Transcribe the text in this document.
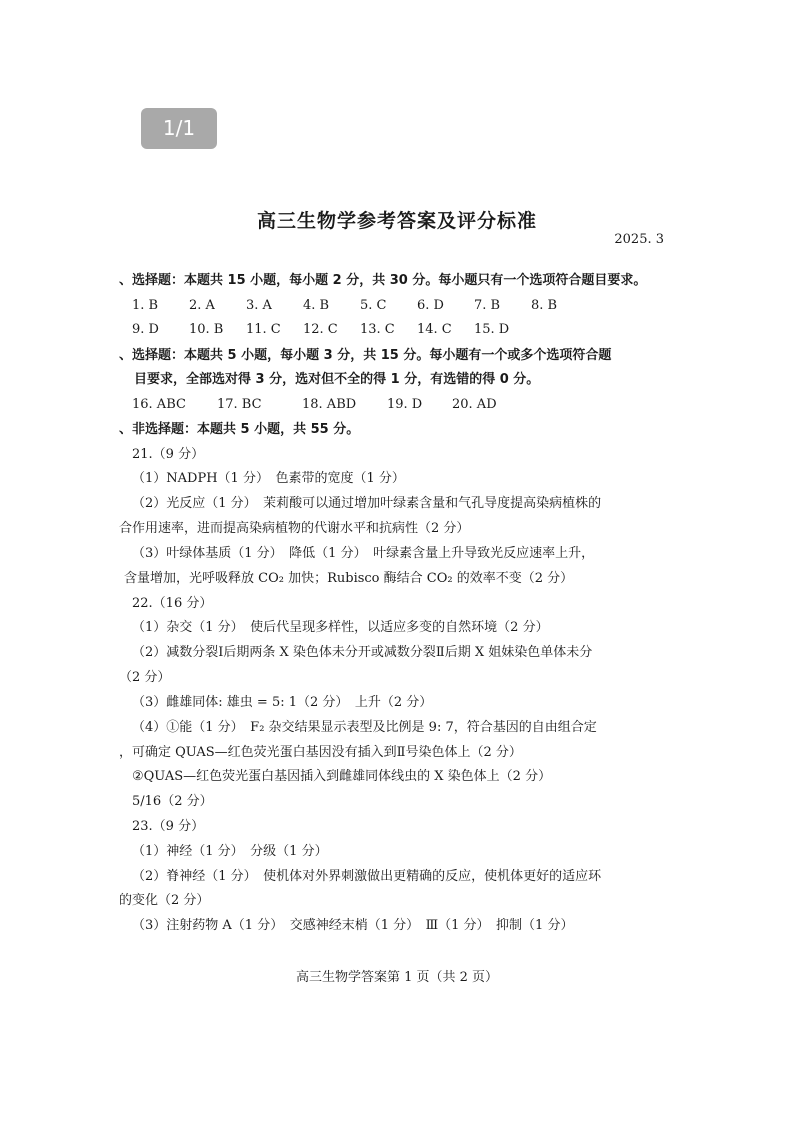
1/1
高三生物学参考答案及评分标准
2025. 3
、选择题：本题共 15 小题，每小题 2 分，共 30 分。每小题只有一个选项符合题目要求。
1. B	2. A	3. A	4. B	5. C	6. D	7. B	8. B
9. D	10. B	11. C	12. C	13. C	14. C	15. D
、选择题：本题共 5 小题，每小题 3 分，共 15 分。每小题有一个或多个选项符合题
目要求，全部选对得 3 分，选对但不全的得 1 分，有选错的得 0 分。
16. ABC	17. BC	18. ABD	19. D	20. AD
、非选择题：本题共 5 小题，共 55 分。
21.（9 分）
（1）NADPH（1 分）　色素带的宽度（1 分）
（2）光反应（1 分）　茉莉酸可以通过增加叶绿素含量和气孔导度提高染病植株的
合作用速率，进而提高染病植物的代谢水平和抗病性（2 分）
（3）叶绿体基质（1 分）　降低（1 分）　叶绿素含量上升导致光反应速率上升，
含量增加，光呼吸释放 CO₂ 加快；Rubisco 酶结合 CO₂ 的效率不变（2 分）
22.（16 分）
（1）杂交（1 分）　使后代呈现多样性，以适应多变的自然环境（2 分）
（2）减数分裂Ⅰ后期两条 X 染色体未分开或减数分裂Ⅱ后期 X 姐妹染色单体未分
（2 分）
（3）雌雄同体: 雄虫 = 5: 1（2 分）　上升（2 分）
（4）①能（1 分）　F₂ 杂交结果显示表型及比例是 9: 7，符合基因的自由组合定
，可确定 QUAS—红色荧光蛋白基因没有插入到Ⅱ号染色体上（2 分）
②QUAS—红色荧光蛋白基因插入到雌雄同体线虫的 X 染色体上（2 分）
5/16（2 分）
23.（9 分）
（1）神经（1 分）　分级（1 分）
（2）脊神经（1 分）　使机体对外界刺激做出更精确的反应，使机体更好的适应环
的变化（2 分）
（3）注射药物 A（1 分）　交感神经末梢（1 分）　Ⅲ（1 分）　抑制（1 分）
高三生物学答案第 1 页（共 2 页）
